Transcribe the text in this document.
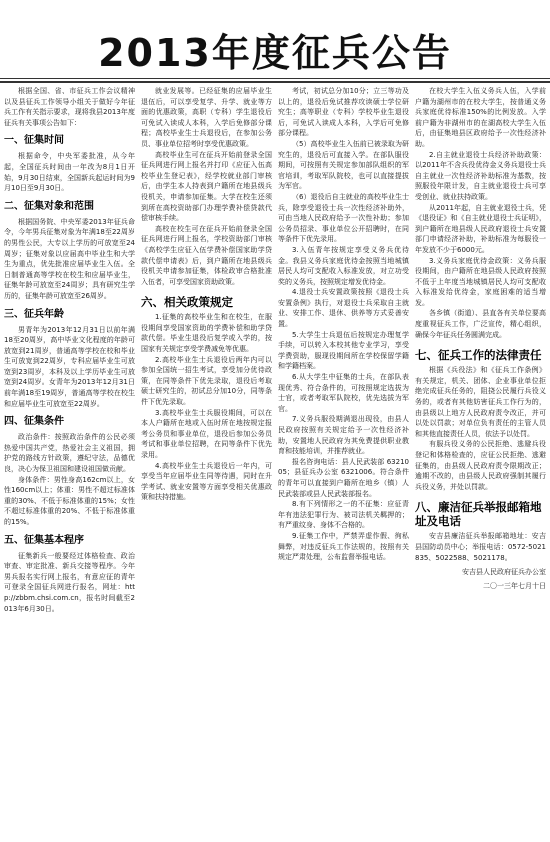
2013年度征兵公告

根据全国、省、市征兵工作会议精神以及县征兵工作领导小组关于做好今年征兵工作有关指示要求，现将我县2013年度征兵有关事项公告如下：

一、征集时间

根据命令，中央军委批准，从今年起，全国征兵时间由一年改为8月1日开始，9月30日结束，全国新兵起运时间为9月10日至9月30日。

二、征集对象和范围

根据国务院、中央军委2013年征兵命令，今年男兵征集对象为年满18至22周岁的男性公民，大专以上学历的可放宽至24周岁；征集对象以应届高中毕业生和大学生为重点，优先批准应届毕业生入伍。全日制普通高等学校在校生和应届毕业生，征集年龄可放宽至24周岁；具有研究生学历的，征集年龄可放宽至26周岁。

三、征兵年龄

男青年为2013年12月31日以前年满18至20周岁，高中毕业文化程度的年龄可放宽到21周岁，普通高等学校在校和毕业生可放宽到22周岁，专科应届毕业生可放宽到23周岁，本科及以上学历毕业生可放宽到24周岁。女青年为2013年12月31日前年满18至19周岁，普通高等学校在校生和应届毕业生可放宽至22周岁。

四、征集条件

政治条件：按照政治条件的公民必须热爱中国共产党，热爱社会主义祖国，拥护党的路线方针政策，遵纪守法，品德优良，决心为保卫祖国和建设祖国做贡献。

身体条件：男性身高162cm以上，女性160cm以上；体重：男性不超过标准体重的30%、不低于标准体重的15%；女性不超过标准体重的20%、不低于标准体重的15%。

五、征集基本程序

征集新兵一般要经过体格检查、政治审查、审定批准、新兵交接等程序。今年男兵报名实行网上报名，有意应征的青年可登录全国征兵网进行报名，网址：http://zbbm.chsi.com.cn，报名时间截至2013年6月30日。

就业发展等。已经征集的应届毕业生退伍后，可以享受复学、升学、就业等方面的优惠政策，高职（专科）学生退役后可免试入读成人本科，入学后免修部分课程；高校毕业生士兵退役后，在参加公务员、事业单位招考时享受优惠政策。

高校毕业生可在征兵开始前登录全国征兵网进行网上报名并打印《应征入伍高校毕业生登记表》，经学校就业部门审核后，由学生本人持表到户籍所在地县级兵役机关，申请参加征集。大学在校生还须到所在高校资助部门办理学费补偿贷款代偿审核手续。

高校在校生可在征兵开始前登录全国征兵网进行网上报名，学校资助部门审核《高校学生应征入伍学费补偿国家助学贷款代偿申请表》后，到户籍所在地县级兵役机关申请参加征集，体检政审合格批准入伍者，可享受国家资助政策。

六、相关政策规定

1.征集的高校毕业生和在校生，在服役期间享受国家资助的学费补偿和助学贷款代偿。毕业生退役后复学或入学的，按国家有关规定享受学费减免等优惠。

2.高校毕业生士兵退役后两年内可以参加全国统一招生考试，享受加分优待政策，在同等条件下优先录取，退役后考取硕士研究生的，初试总分加10分，同等条件下优先录取。

3.高校毕业生士兵服役期间，可以在本人户籍所在地或入伍时所在地按规定报考公务员和事业单位，退役后参加公务员考试和事业单位招聘，在同等条件下优先录用。

4.高校毕业生士兵退役后一年内，可享受当年应届毕业生同等待遇，同时在升学考试、就业安置等方面享受相关优惠政策和扶持措施。

考试，初试总分加10分；立三等功及以上的，退役后免试推荐攻读硕士学位研究生；高等职业（专科）学校毕业生退役后，可免试入读成人本科，入学后可免修部分课程。

（5）高校毕业生入伍前已被录取为研究生的，退役后可直接入学。在部队服役期间，可按照有关规定参加部队组织的军官培训，考取军队院校，也可以直接提拔为军官。

（6）退役后自主就业的高校毕业生士兵，除享受退役士兵一次性经济补助外，可由当地人民政府给予一次性补助；参加公务员招录、事业单位公开招聘时，在同等条件下优先录用。

3.入伍青年按规定享受义务兵优待金。我县义务兵家庭优待金按照当地城镇居民人均可支配收入标准发放，对立功受奖的义务兵，按照规定增发优待金。

4.退役士兵安置政策按照《退役士兵安置条例》执行，对退役士兵采取自主就业、安排工作、退休、供养等方式妥善安置。

5.大学生士兵退伍后按规定办理复学手续，可以转入本校其他专业学习，享受学费资助，服现役期间所在学校保留学籍和学籍档案。

6.从大学生中征集的士兵，在部队表现优秀、符合条件的，可按照规定选拔为士官，或者考取军队院校，优先选拔为军官。

7.义务兵服役期满退出现役，由县人民政府按照有关规定给予一次性经济补助，安置地人民政府为其免费提供职业教育和技能培训，并推荐就业。

报名咨询电话：县人民武装部 6321005；县征兵办公室 6321006。符合条件的青年可以直接到户籍所在地乡（镇）人民武装部或县人民武装部报名。

8.有下列情形之一的不征集：应征青年有违法犯罪行为、被司法机关羁押的；有严重纹身、身体不合格的。

9.征集工作中，严禁弄虚作假、徇私舞弊，对违反征兵工作法规的，按照有关规定严肃处理，公布监督举报电话。

在校大学生入伍义务兵人伍，入学前户籍为湖州市的在校大学生，按普通义务兵家庭优待标准150%的比例发放。入学前户籍为非湖州市的在湖高校大学生入伍后，由征集地县区政府给予一次性经济补助。

2.自主就业退役士兵经济补助政策：以2011年不含兵役优待金义务兵退役士兵自主就业一次性经济补助标准为基数，按照服役年限计发，自主就业退役士兵可享受创业、就业扶持政策。

从2011年起，自主就业退役士兵，凭《退役证》和《自主就业退役士兵证明》，到户籍所在地县级人民政府退役士兵安置部门申请经济补助，补助标准为每服役一年发放不少于6000元。

3.义务兵家庭优待金政策：义务兵服役期间，由户籍所在地县级人民政府按照不低于上年度当地城镇居民人均可支配收入标准发给优待金，家庭困难的适当增发。

各乡镇（街道）、县直各有关单位要高度重视征兵工作，广泛宣传，精心组织，确保今年征兵任务圆满完成。

七、征兵工作的法律责任

根据《兵役法》和《征兵工作条例》有关规定，机关、团体、企业事业单位拒绝完成征兵任务的，阻挠公民履行兵役义务的，或者有其他妨害征兵工作行为的，由县级以上地方人民政府责令改正，并可以处以罚款；对单位负有责任的主管人员和其他直接责任人员，依法予以处罚。

有服兵役义务的公民拒绝、逃避兵役登记和体格检查的，应征公民拒绝、逃避征集的，由县级人民政府责令限期改正；逾期不改的，由县级人民政府强制其履行兵役义务，并处以罚款。

八、廉洁征兵举报邮箱地址及电话

安吉县廉洁征兵举报邮箱地址：安吉县国防动员中心；举报电话：0572-5021835、5022588、5021178。

安吉县人民政府征兵办公室
二〇一三年七月十日
